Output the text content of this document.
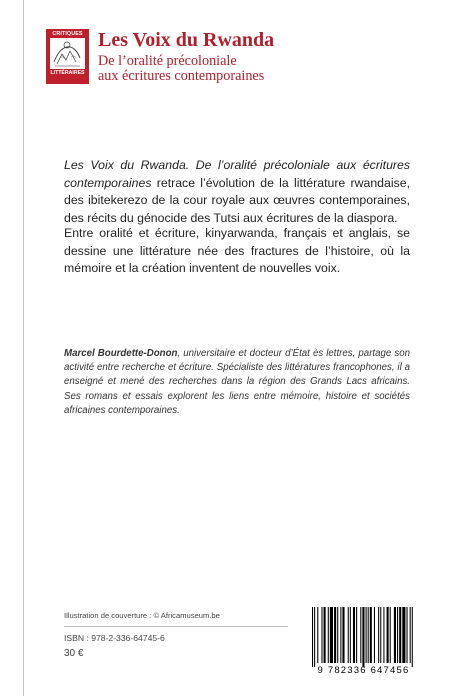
CRITIQUES
LITTÉRAIRES
Les Voix du Rwanda
De l’oralité précoloniale
aux écritures contemporaines

Les Voix du Rwanda. De l’oralité précoloniale aux écritures contemporaines retrace l’évolution de la littérature rwandaise, des ibitekerezo de la cour royale aux œuvres contemporaines, des récits du génocide des Tutsi aux écritures de la diaspora.

Entre oralité et écriture, kinyarwanda, français et anglais, se dessine une littérature née des fractures de l’histoire, où la mémoire et la création inventent de nouvelles voix.

Marcel Bourdette-Donon, universitaire et docteur d’État ès lettres, partage son activité entre recherche et écriture. Spécialiste des littératures francophones, il a enseigné et mené des recherches dans la région des Grands Lacs africains. Ses romans et essais explorent les liens entre mémoire, histoire et sociétés africaines contemporaines.

Illustration de couverture : © Africamuseum.be
ISBN : 978-2-336-64745-6
30 €
9 782336 647456
